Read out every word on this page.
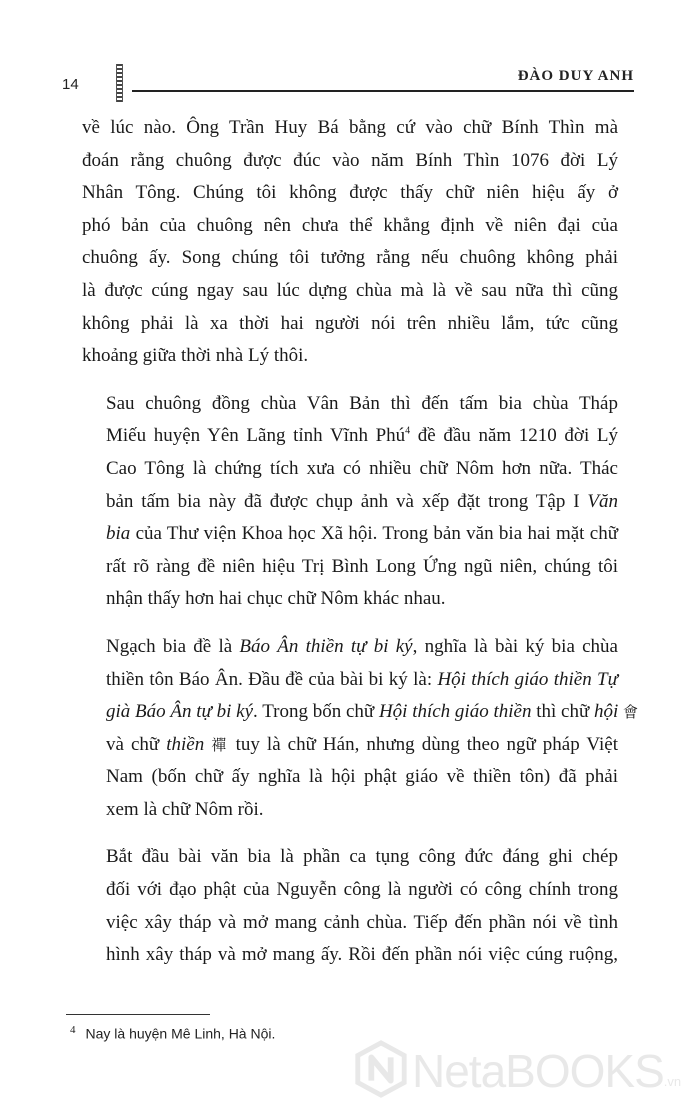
14	ĐÀO DUY ANH

về lúc nào. Ông Trần Huy Bá bằng cứ vào chữ Bính Thìn mà
đoán rằng chuông được đúc vào năm Bính Thìn 1076 đời Lý
Nhân Tông. Chúng tôi không được thấy chữ niên hiệu ấy ở
phó bản của chuông nên chưa thể khẳng định về niên đại của
chuông ấy. Song chúng tôi tưởng rằng nếu chuông không phải
là được cúng ngay sau lúc dựng chùa mà là về sau nữa thì cũng
không phải là xa thời hai người nói trên nhiều lắm, tức cũng
khoảng giữa thời nhà Lý thôi.

Sau chuông đồng chùa Vân Bản thì đến tấm bia chùa Tháp
Miếu huyện Yên Lãng tỉnh Vĩnh Phú$^4$ đề đầu năm 1210 đời Lý
Cao Tông là chứng tích xưa có nhiều chữ Nôm hơn nữa. Thác
bản tấm bia này đã được chụp ảnh và xếp đặt trong Tập I Văn
bia của Thư viện Khoa học Xã hội. Trong bản văn bia hai mặt chữ
rất rõ ràng đề niên hiệu Trị Bình Long Ứng ngũ niên, chúng tôi
nhận thấy hơn hai chục chữ Nôm khác nhau.

Ngạch bia đề là Báo Ân thiền tự bi ký, nghĩa là bài ký bia chùa
thiền tôn Báo Ân. Đầu đề của bài bi ký là: Hội thích giáo thiền Tự
già Báo Ân tự bi ký. Trong bốn chữ Hội thích giáo thiền thì chữ hội 會
và chữ thiền 禪 tuy là chữ Hán, nhưng dùng theo ngữ pháp Việt
Nam (bốn chữ ấy nghĩa là hội phật giáo về thiền tôn) đã phải
xem là chữ Nôm rồi.

Bắt đầu bài văn bia là phần ca tụng công đức đáng ghi chép
đối với đạo phật của Nguyễn công là người có công chính trong
việc xây tháp và mở mang cảnh chùa. Tiếp đến phần nói về tình
hình xây tháp và mở mang ấy. Rồi đến phần nói việc cúng ruộng,

$^4$ Nay là huyện Mê Linh, Hà Nội.
NetaBOOKS .vn
